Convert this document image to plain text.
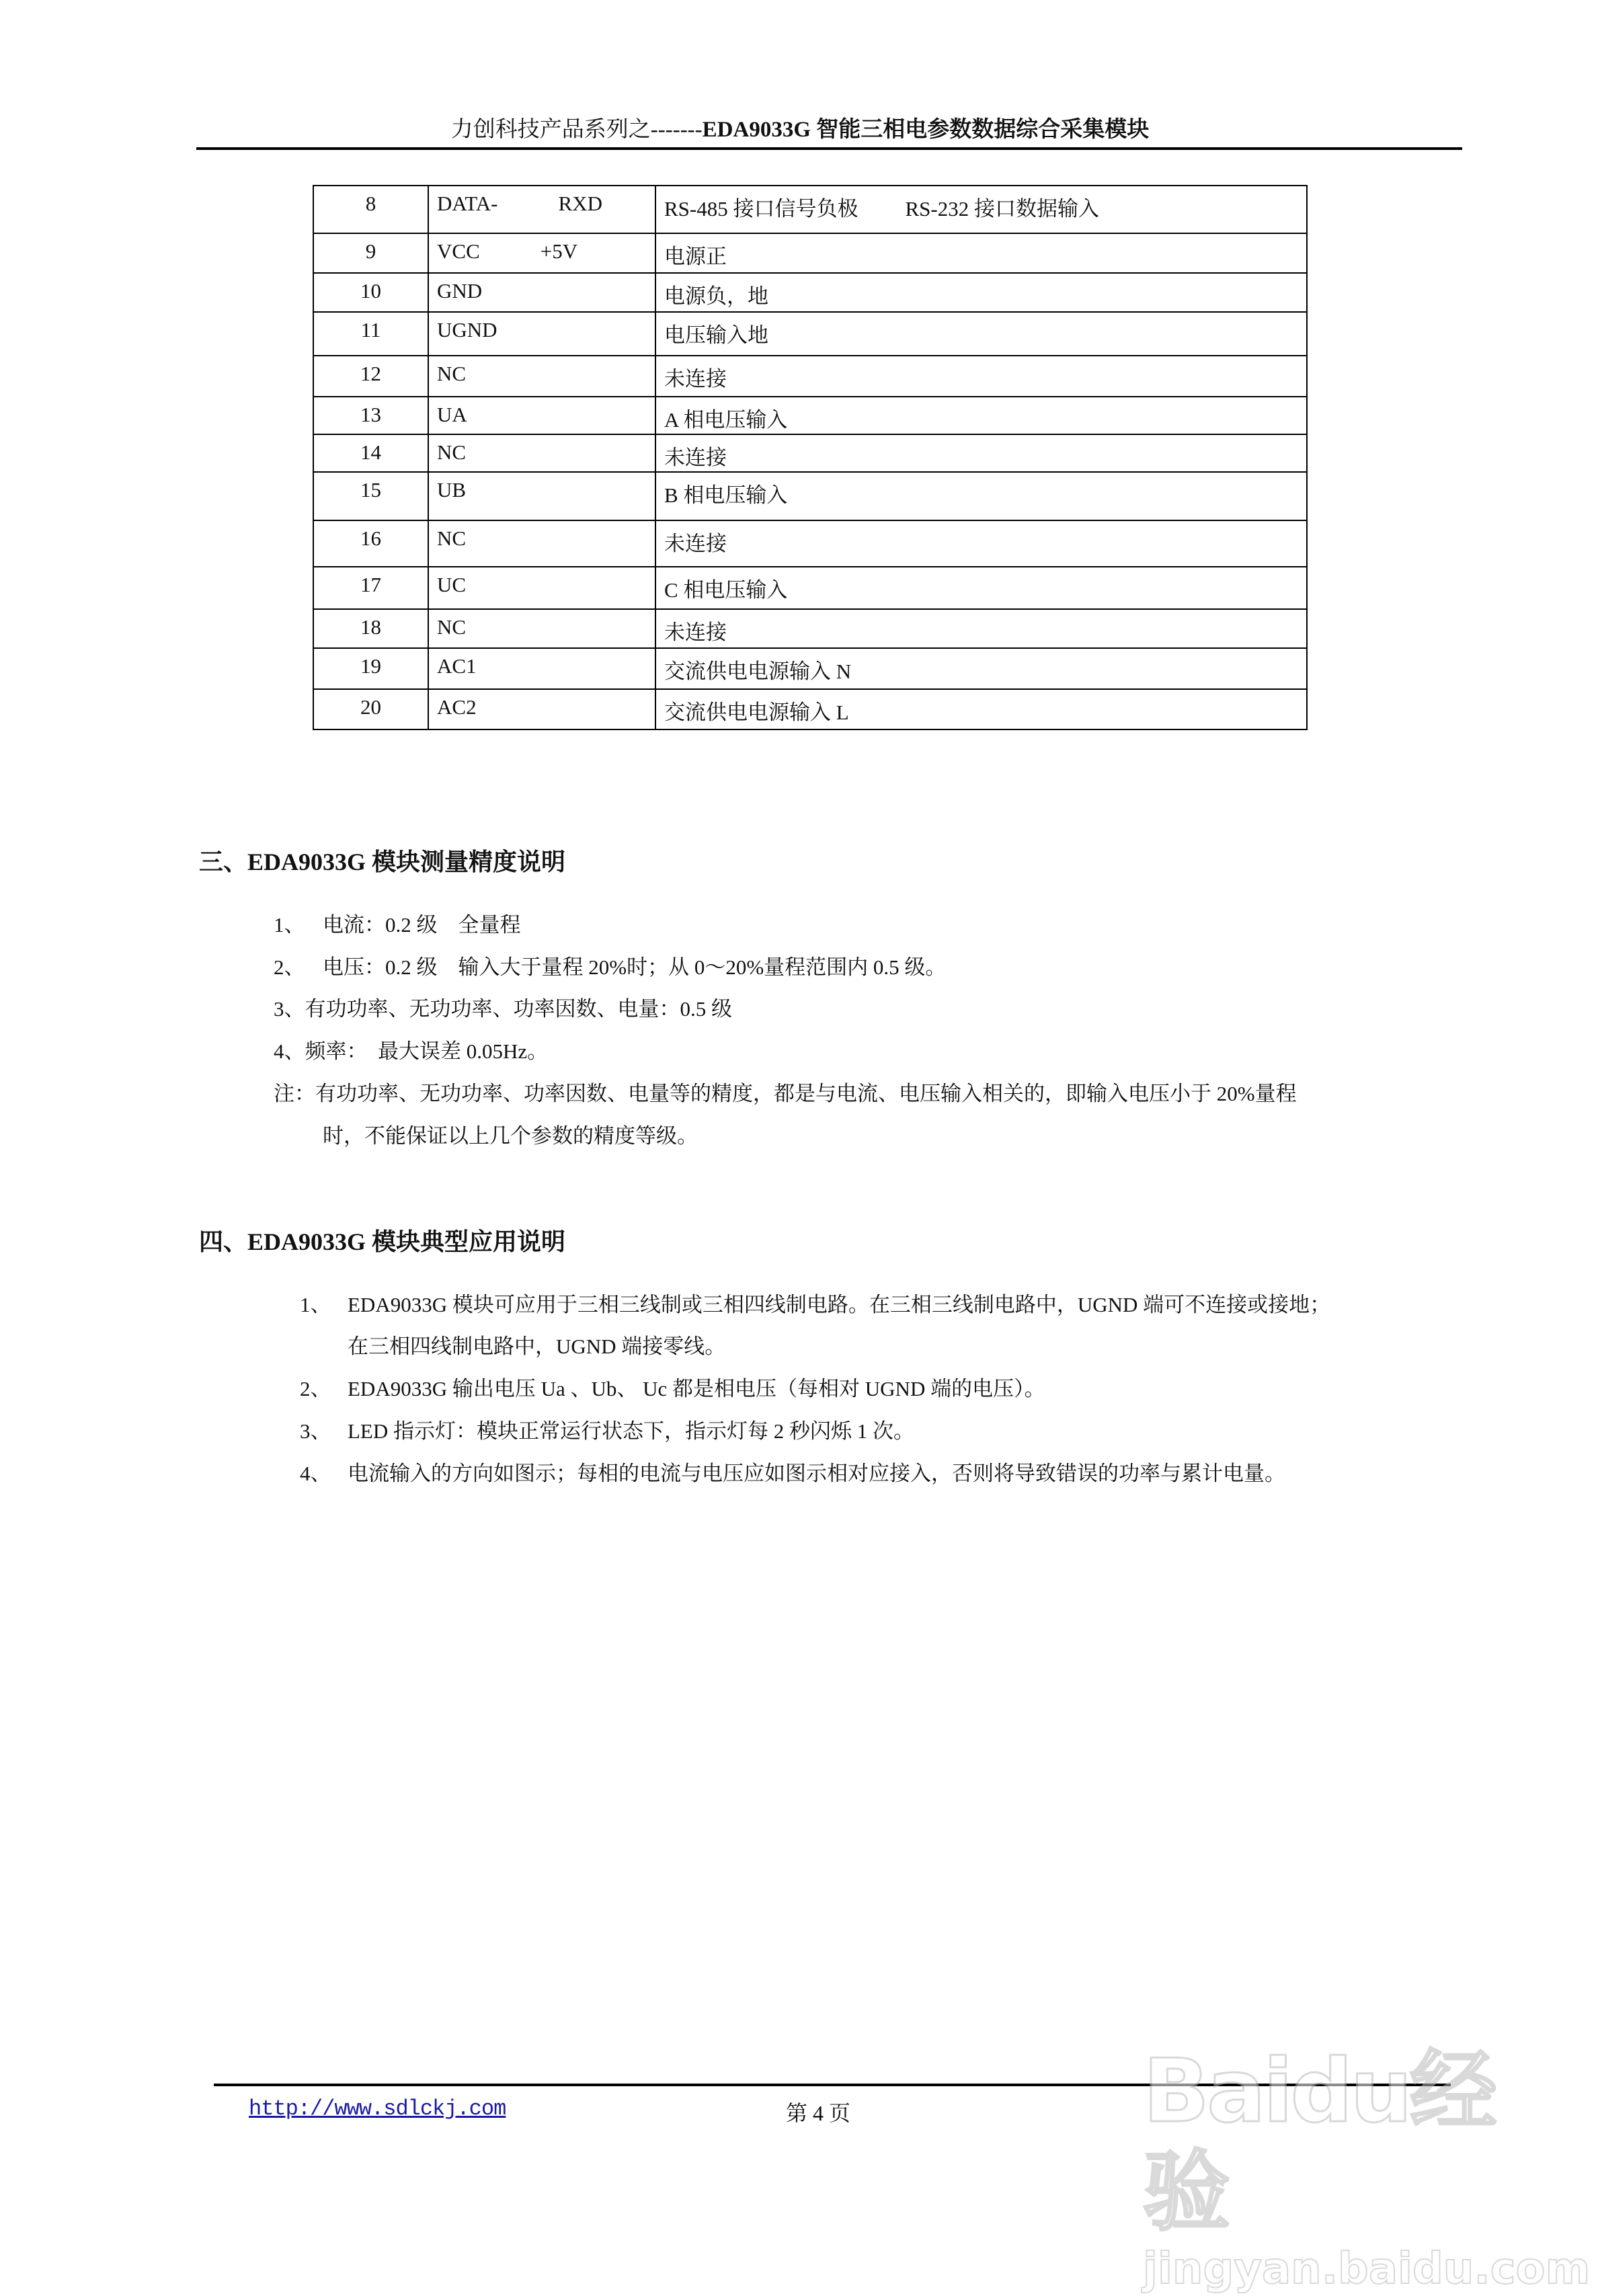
力创科技产品系列之-------EDA9033G 智能三相电参数数据综合采集模块
8	DATA- RXD	RS-485 接口信号负极 RS-232 接口数据输入
9	VCC +5V	电源正
10	GND	电源负，地
11	UGND	电压输入地
12	NC	未连接
13	UA	A 相电压输入
14	NC	未连接
15	UB	B 相电压输入
16	NC	未连接
17	UC	C 相电压输入
18	NC	未连接
19	AC1	交流供电电源输入 N
20	AC2	交流供电电源输入 L
三、EDA9033G 模块测量精度说明
1、 电流：0.2 级　全量程
2、 电压：0.2 级　输入大于量程 20%时；从 0～20%量程范围内 0.5 级。
3、有功功率、无功功率、功率因数、电量：0.5 级
4、频率：　最大误差 0.05Hz。
注：有功功率、无功功率、功率因数、电量等的精度，都是与电流、电压输入相关的，即输入电压小于 20%量程
时，不能保证以上几个参数的精度等级。
四、EDA9033G 模块典型应用说明
1、 EDA9033G 模块可应用于三相三线制或三相四线制电路。在三相三线制电路中，UGND 端可不连接或接地；
在三相四线制电路中，UGND 端接零线。
2、 EDA9033G 输出电压 Ua 、Ub、 Uc 都是相电压（每相对 UGND 端的电压）。
3、 LED 指示灯：模块正常运行状态下，指示灯每 2 秒闪烁 1 次。
4、 电流输入的方向如图示；每相的电流与电压应如图示相对应接入，否则将导致错误的功率与累计电量。
http://www.sdlckj.com	第 4 页	Baidu经验
jingyan.baidu.com
